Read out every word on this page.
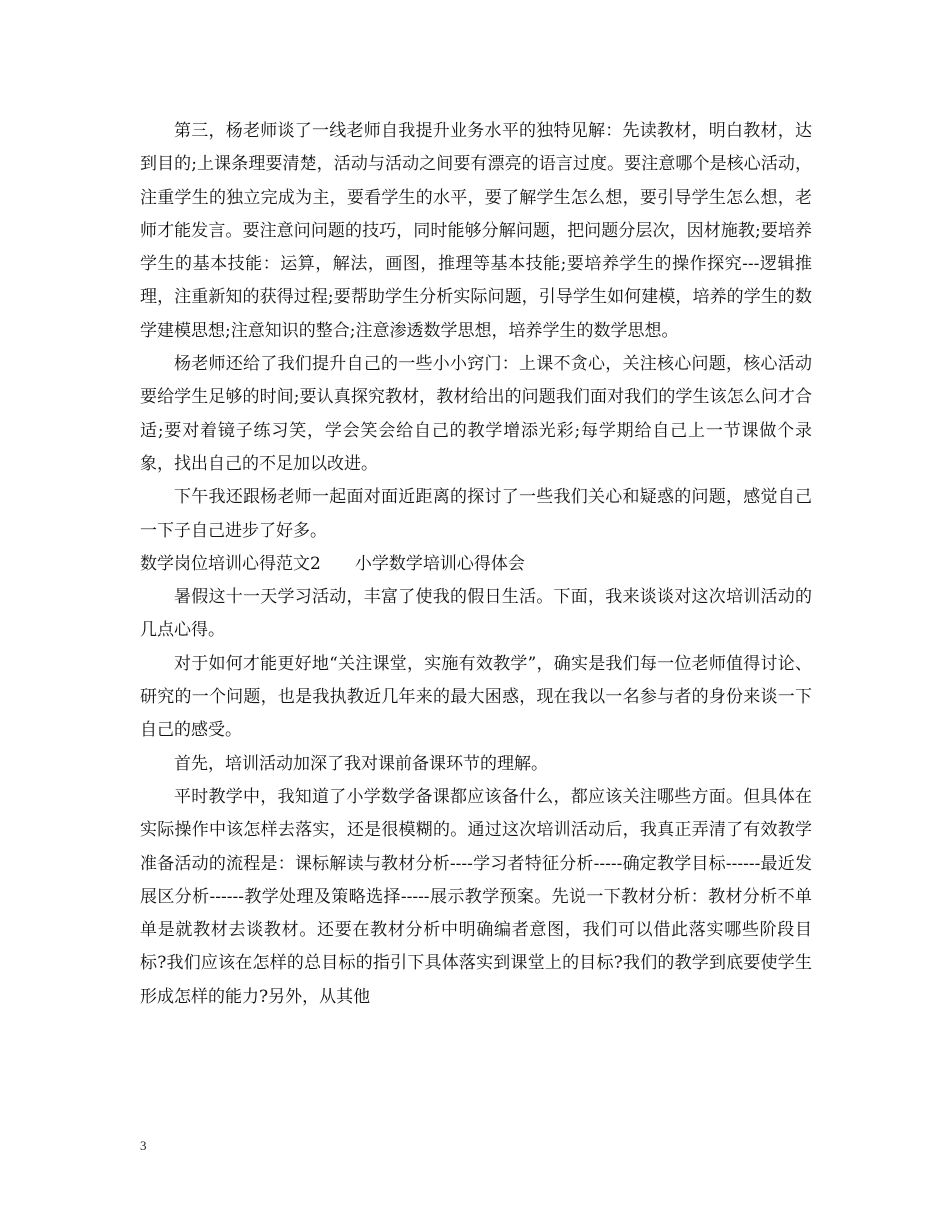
第三，杨老师谈了一线老师自我提升业务水平的独特见解：先读教材，明白教材，达到目的;上课条理要清楚，活动与活动之间要有漂亮的语言过度。要注意哪个是核心活动，注重学生的独立完成为主，要看学生的水平，要了解学生怎么想，要引导学生怎么想，老师才能发言。要注意问问题的技巧，同时能够分解问题，把问题分层次，因材施教;要培养学生的基本技能：运算，解法，画图，推理等基本技能;要培养学生的操作探究---逻辑推理，注重新知的获得过程;要帮助学生分析实际问题，引导学生如何建模，培养的学生的数学建模思想;注意知识的整合;注意渗透数学思想，培养学生的数学思想。

杨老师还给了我们提升自己的一些小小窍门：上课不贪心，关注核心问题，核心活动要给学生足够的时间;要认真探究教材，教材给出的问题我们面对我们的学生该怎么问才合适;要对着镜子练习笑，学会笑会给自己的教学增添光彩;每学期给自己上一节课做个录象，找出自己的不足加以改进。

下午我还跟杨老师一起面对面近距离的探讨了一些我们关心和疑惑的问题，感觉自己一下子自己进步了好多。

数学岗位培训心得范文2　　小学数学培训心得体会

暑假这十一天学习活动，丰富了使我的假日生活。下面，我来谈谈对这次培训活动的几点心得。

对于如何才能更好地“关注课堂，实施有效教学”，确实是我们每一位老师值得讨论、研究的一个问题，也是我执教近几年来的最大困惑，现在我以一名参与者的身份来谈一下自己的感受。

首先，培训活动加深了我对课前备课环节的理解。

平时教学中，我知道了小学数学备课都应该备什么，都应该关注哪些方面。但具体在实际操作中该怎样去落实，还是很模糊的。通过这次培训活动后，我真正弄清了有效教学准备活动的流程是：课标解读与教材分析----学习者特征分析-----确定教学目标------最近发展区分析------教学处理及策略选择-----展示教学预案。先说一下教材分析：教材分析不单单是就教材去谈教材。还要在教材分析中明确编者意图，我们可以借此落实哪些阶段目标?我们应该在怎样的总目标的指引下具体落实到课堂上的目标?我们的教学到底要使学生形成怎样的能力?另外，从其他

3
